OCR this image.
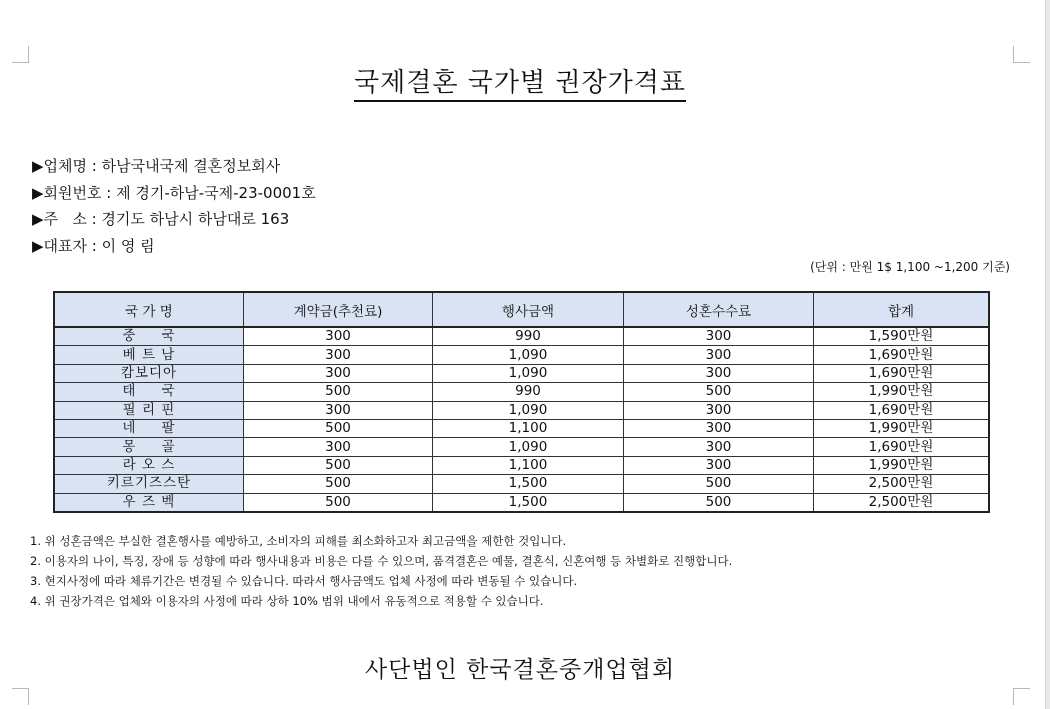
국제결혼 국가별 권장가격표
▶업체명 : 하남국내국제 결혼정보회사
▶회원번호 : 제 경기-하남-국제-23-0001호
▶주   소 : 경기도 하남시 하남대로 163
▶대표자 : 이 영 림
(단위 : 만원 1$ 1,100 ~1,200 기준)
국 가 명	계약금(추천료)	행사금액	성혼수수료	합계
중 　 국	300	990	300	1,590만원
베 트 남	300	1,090	300	1,690만원
캄보디아	300	1,090	300	1,690만원
태 　 국	500	990	500	1,990만원
필 리 핀	300	1,090	300	1,690만원
네 　 팔	500	1,100	300	1,990만원
몽 　 골	300	1,090	300	1,690만원
라 오 스	500	1,100	300	1,990만원
키르기즈스탄	500	1,500	500	2,500만원
우 즈 벡	500	1,500	500	2,500만원
1. 위 성혼금액은 부실한 결혼행사를 예방하고, 소비자의 피해를 최소화하고자 최고금액을 제한한 것입니다.
2. 이용자의 나이, 특징, 장애 등 성향에 따라 행사내용과 비용은 다를 수 있으며, 품격결혼은 예물, 결혼식, 신혼여행 등 차별화로 진행합니다.
3. 현지사정에 따라 체류기간은 변경될 수 있습니다. 따라서 행사금액도 업체 사정에 따라 변동될 수 있습니다.
4. 위 권장가격은 업체와 이용자의 사정에 따라 상하 10% 범위 내에서 유동적으로 적용할 수 있습니다.
사단법인 한국결혼중개업협회
